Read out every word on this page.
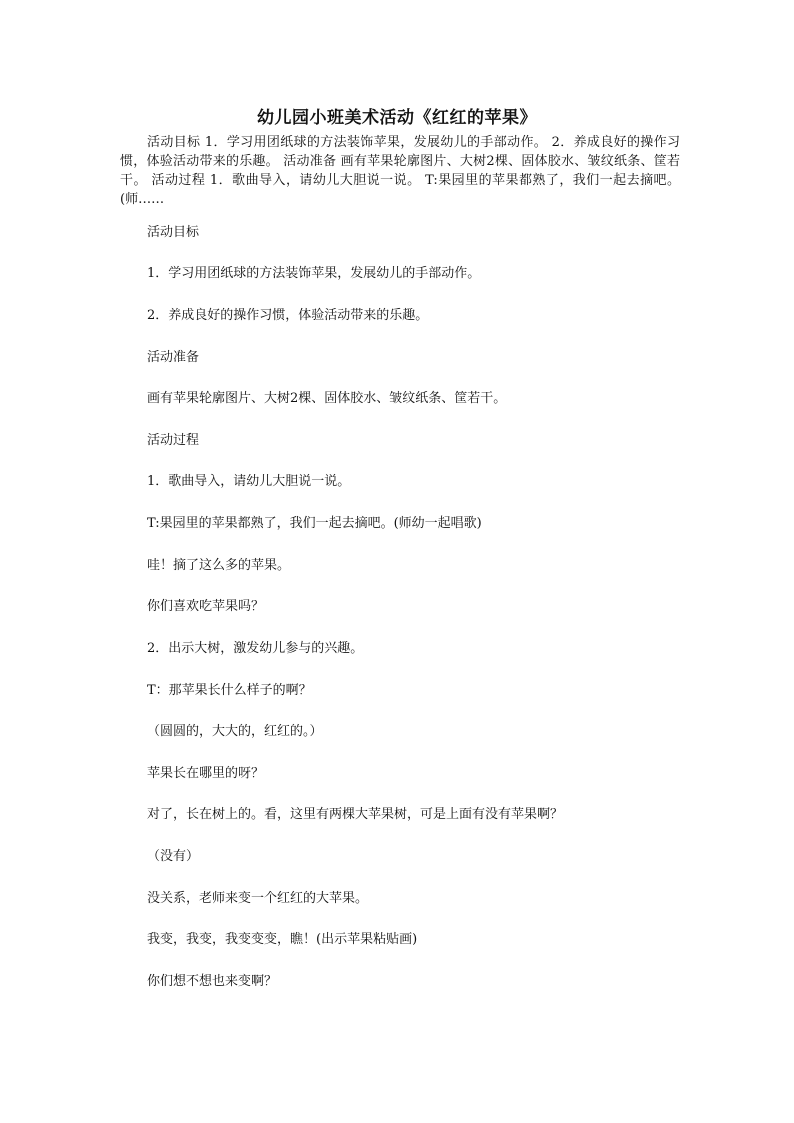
幼儿园小班美术活动《红红的苹果》

活动目标 1．学习用团纸球的方法装饰苹果，发展幼儿的手部动作。 2．养成良好的操作习惯，体验活动带来的乐趣。 活动准备 画有苹果轮廓图片、大树2棵、固体胶水、皱纹纸条、筐若干。 活动过程 1．歌曲导入，请幼儿大胆说一说。 T:果园里的苹果都熟了，我们一起去摘吧。(师……

活动目标

1．学习用团纸球的方法装饰苹果，发展幼儿的手部动作。

2．养成良好的操作习惯，体验活动带来的乐趣。

活动准备

画有苹果轮廓图片、大树2棵、固体胶水、皱纹纸条、筐若干。

活动过程

1．歌曲导入，请幼儿大胆说一说。

T:果园里的苹果都熟了，我们一起去摘吧。(师幼一起唱歌)

哇！摘了这么多的苹果。

你们喜欢吃苹果吗？

2．出示大树，激发幼儿参与的兴趣。

T：那苹果长什么样子的啊？

（圆圆的，大大的，红红的。）

苹果长在哪里的呀？

对了，长在树上的。看，这里有两棵大苹果树，可是上面有没有苹果啊？

（没有）

没关系，老师来变一个红红的大苹果。

我变，我变，我变变变，瞧！(出示苹果粘贴画)

你们想不想也来变啊？
